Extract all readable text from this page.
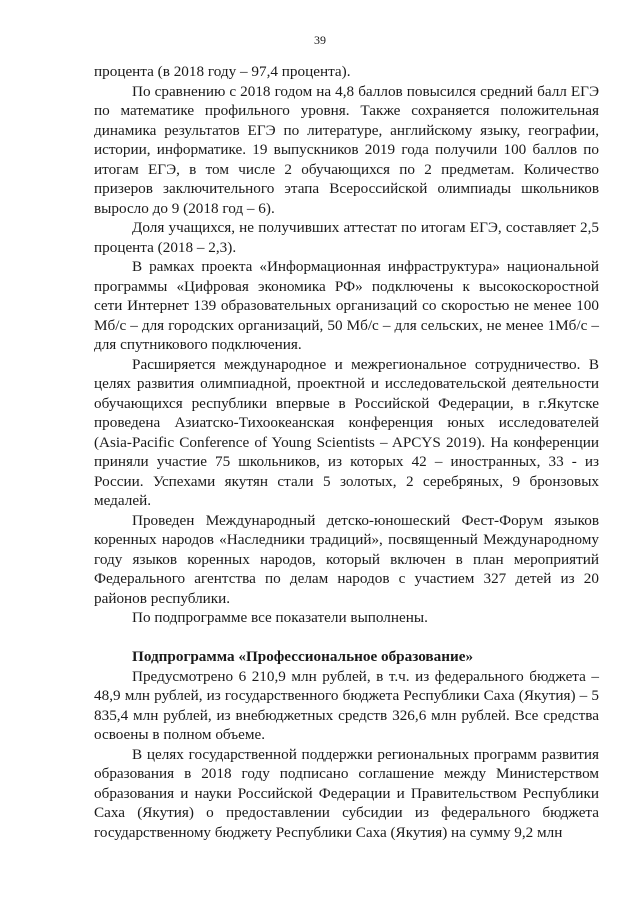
39

процента (в 2018 году – 97,4 процента).

По сравнению с 2018 годом на 4,8 баллов повысился средний балл ЕГЭ по математике профильного уровня. Также сохраняется положительная динамика результатов ЕГЭ по литературе, английскому языку, географии, истории, информатике. 19 выпускников 2019 года получили 100 баллов по итогам ЕГЭ, в том числе 2 обучающихся по 2 предметам. Количество призеров заключительного этапа Всероссийской олимпиады школьников выросло до 9 (2018 год – 6).

Доля учащихся, не получивших аттестат по итогам ЕГЭ, составляет 2,5 процента (2018 – 2,3).

В рамках проекта «Информационная инфраструктура» национальной программы «Цифровая экономика РФ» подключены к высокоскоростной сети Интернет 139 образовательных организаций со скоростью не менее 100 Мб/с – для городских организаций, 50 Мб/с – для сельских, не менее 1Мб/с – для спутникового подключения.

Расширяется международное и межрегиональное сотрудничество. В целях развития олимпиадной, проектной и исследовательской деятельности обучающихся республики впервые в Российской Федерации, в г.Якутске проведена Азиатско-Тихоокеанская конференция юных исследователей (Asia-Pacific Conference of Young Scientists – APCYS 2019). На конференции приняли участие 75 школьников, из которых 42 – иностранных, 33 - из России. Успехами якутян стали 5 золотых, 2 серебряных, 9 бронзовых медалей.

Проведен Международный детско-юношеский Фест-Форум языков коренных народов «Наследники традиций», посвященный Международному году языков коренных народов, который включен в план мероприятий Федерального агентства по делам народов с участием 327 детей из 20 районов республики.

По подпрограмме все показатели выполнены.

Подпрограмма «Профессиональное образование»

Предусмотрено 6 210,9 млн рублей, в т.ч. из федерального бюджета – 48,9 млн рублей, из государственного бюджета Республики Саха (Якутия) – 5 835,4 млн рублей, из внебюджетных средств 326,6 млн рублей. Все средства освоены в полном объеме.

В целях государственной поддержки региональных программ развития образования в 2018 году подписано соглашение между Министерством образования и науки Российской Федерации и Правительством Республики Саха (Якутия) о предоставлении субсидии из федерального бюджета государственному бюджету Республики Саха (Якутия) на сумму 9,2 млн
